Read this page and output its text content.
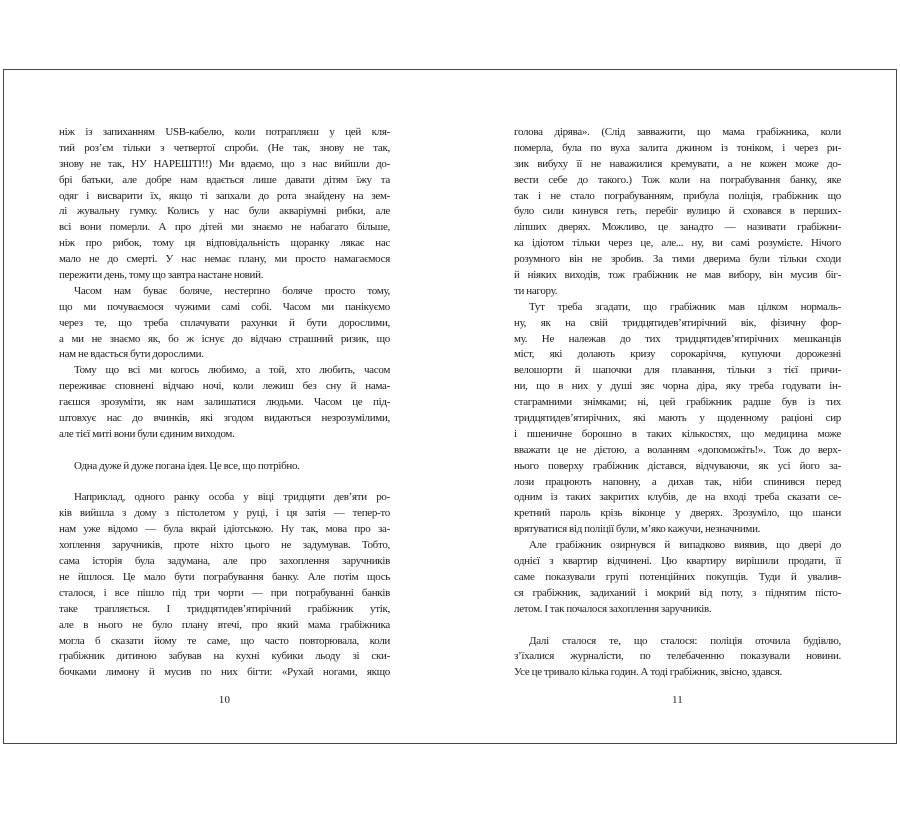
ніж із запиханням USB-кабелю, коли потрапляєш у цей кля-
тий роз’єм тільки з четвертої спроби. (Не так, знову не так,
знову не так, НУ НАРЕШТІ!!) Ми вдаємо, що з нас вийшли до-
брі батьки, але добре нам вдається лише давати дітям їжу та
одяг і висварити їх, якщо ті запхали до рота знайдену на зем-
лі жувальну гумку. Колись у нас були акваріумні рибки, але
всі вони померли. А про дітей ми знаємо не набагато більше,
ніж про рибок, тому ця відповідальність щоранку лякає нас
мало не до смерті. У нас немає плану, ми просто намагаємося
пережити день, тому що завтра настане новий.
Часом нам буває боляче, нестерпно боляче просто тому,
що ми почуваємося чужими самі собі. Часом ми панікуємо
через те, що треба сплачувати рахунки й бути дорослими,
а ми не знаємо як, бо ж існує до відчаю страшний ризик, що
нам не вдасться бути дорослими.
Тому що всі ми когось любимо, а той, хто любить, часом
переживає сповнені відчаю ночі, коли лежиш без сну й нама-
гаєшся зрозуміти, як нам залишатися людьми. Часом це під-
штовхує нас до вчинків, які згодом видаються незрозумілими,
але тієї миті вони були єдиним виходом.
Одна дуже й дуже погана ідея. Це все, що потрібно.
Наприклад, одного ранку особа у віці тридцяти дев’яти ро-
ків вийшла з дому з пістолетом у руці, і ця затія — тепер-то
нам уже відомо — була вкрай ідіотською. Ну так, мова про за-
хоплення заручників, проте ніхто цього не задумував. Тобто,
сама історія була задумана, але про захоплення заручників
не йшлося. Це мало бути пограбування банку. Але потім щось
сталося, і все пішло під три чорти — при пограбуванні банків
таке трапляється. І тридцятидев’ятирічний грабіжник утік,
але в нього не було плану втечі, про який мама грабіжника
могла б сказати йому те саме, що часто повторювала, коли
грабіжник дитиною забував на кухні кубики льоду зі ски-
бочками лимону й мусив по них бігти: «Рухай ногами, якщо
голова дірява». (Слід завважити, що мама грабіжника, коли
померла, була по вуха залита джином із тоніком, і через ри-
зик вибуху її не наважилися кремувати, а не кожен може до-
вести себе до такого.) Тож коли на пограбування банку, яке
так і не стало пограбуванням, прибула поліція, грабіжник що
було сили кинувся геть, перебіг вулицю й сховався в перших-
ліпших дверях. Можливо, це занадто — називати грабіжни-
ка ідіотом тільки через це, але... ну, ви самі розумієте. Нічого
розумного він не зробив. За тими дверима були тільки сходи
й ніяких виходів, тож грабіжник не мав вибору, він мусив біг-
ти нагору.
Тут треба згадати, що грабіжник мав цілком нормаль-
ну, як на свій тридцятидев’ятирічний вік, фізичну фор-
му. Не належав до тих тридцятидев’ятирічних мешканців
міст, які долають кризу сорокаріччя, купуючи дорожезні
велошорти й шапочки для плавання, тільки з тієї причи-
ни, що в них у душі зяє чорна діра, яку треба годувати ін-
стаграмними знімками; ні, цей грабіжник радше був із тих
тридцятидев’ятирічних, які мають у щоденному раціоні сир
і пшеничне борошно в таких кількостях, що медицина може
вважати це не дієтою, а воланням «допоможіть!». Тож до верх-
нього поверху грабіжник дістався, відчуваючи, як усі його за-
лози працюють наповну, а дихав так, ніби спинився перед
одним із таких закритих клубів, де на вході треба сказати се-
кретний пароль крізь віконце у дверях. Зрозуміло, що шанси
врятуватися від поліції були, м’яко кажучи, незначними.
Але грабіжник озирнувся й випадково виявив, що двері до
однієї з квартир відчинені. Цю квартиру вирішили продати, її
саме показували групі потенційних покупців. Туди й увалив-
ся грабіжник, задиханий і мокрий від поту, з піднятим пісто-
летом. І так почалося захоплення заручників.
Далі сталося те, що сталося: поліція оточила будівлю,
з’їхалися журналісти, по телебаченню показували новини.
Усе це тривало кілька годин. А тоді грабіжник, звісно, здався.
10	11
